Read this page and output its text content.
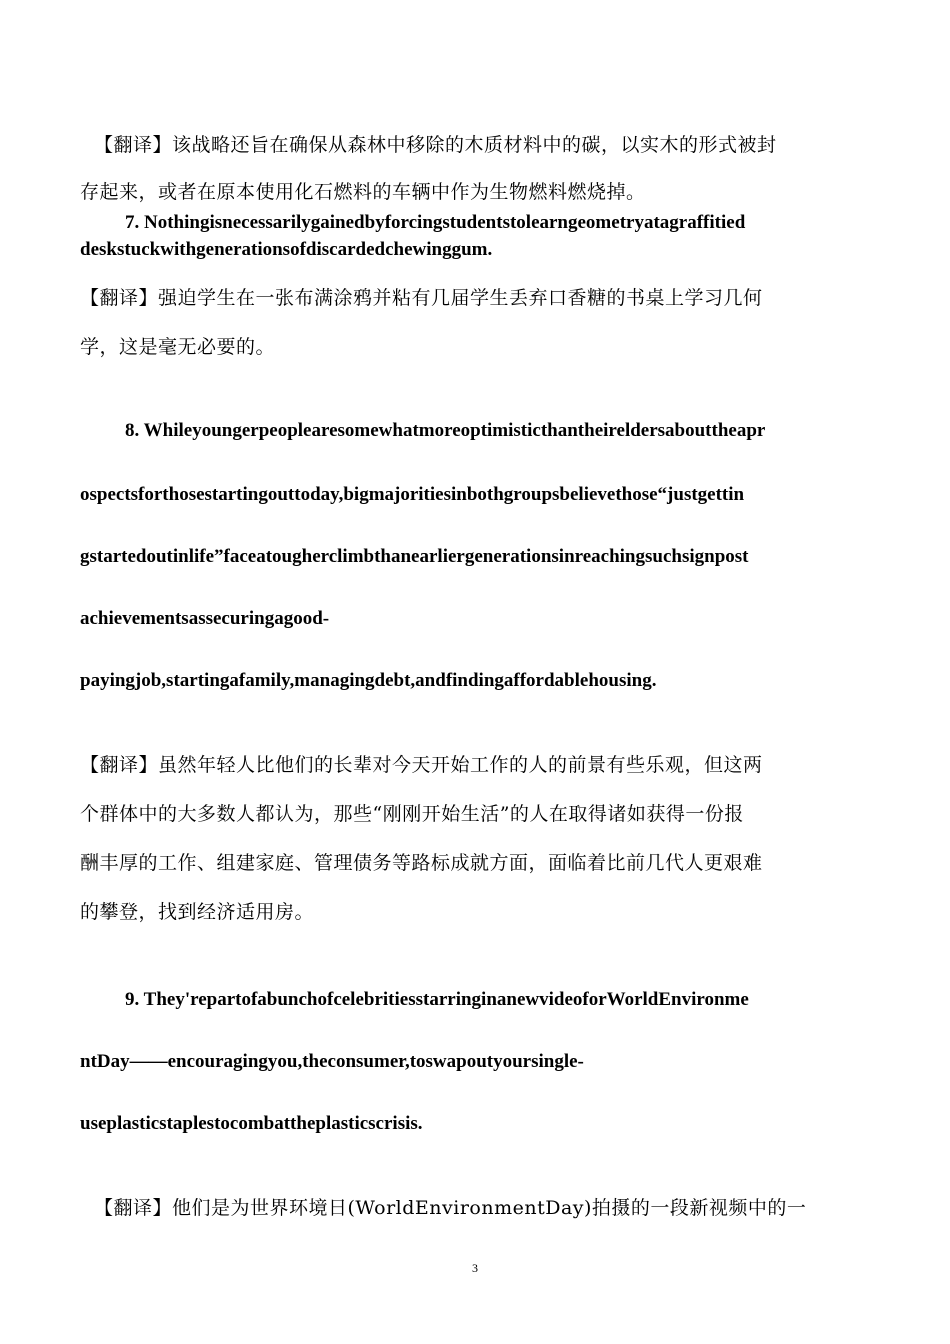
【翻译】该战略还旨在确保从森林中移除的木质材料中的碳，以实木的形式被封
存起来，或者在原本使用化石燃料的车辆中作为生物燃料燃烧掉。
7. Nothingisnecessarilygainedbyforcingstudentstolearngeometryatagraffitied
deskstuckwithgenerationsofdiscardedchewinggum.
【翻译】强迫学生在一张布满涂鸦并粘有几届学生丢弃口香糖的书桌上学习几何
学，这是毫无必要的。
8. Whileyoungerpeoplearesomewhatmoreoptimisticthantheireldersabouttheapr
ospectsforthosestartingouttoday,bigmajoritiesinbothgroupsbelievethose“justgettin
gstartedoutinlife”faceatougherclimbthanearliergenerationsinreachingsuchsignpost
achievementsassecuringagood-
payingjob,startingafamily,managingdebt,andfindingaffordablehousing.
【翻译】虽然年轻人比他们的长辈对今天开始工作的人的前景有些乐观，但这两
个群体中的大多数人都认为，那些“刚刚开始生活”的人在取得诸如获得一份报
酬丰厚的工作、组建家庭、管理债务等路标成就方面，面临着比前几代人更艰难
的攀登，找到经济适用房。
9. They'repartofabunchofcelebritiesstarringinanewvideoforWorldEnvironme
ntDay——encouragingyou,theconsumer,toswapoutyoursingle-
useplasticstaplestocombattheplasticscrisis.
【翻译】他们是为世界环境日(WorldEnvironmentDay)拍摄的一段新视频中的一
3
